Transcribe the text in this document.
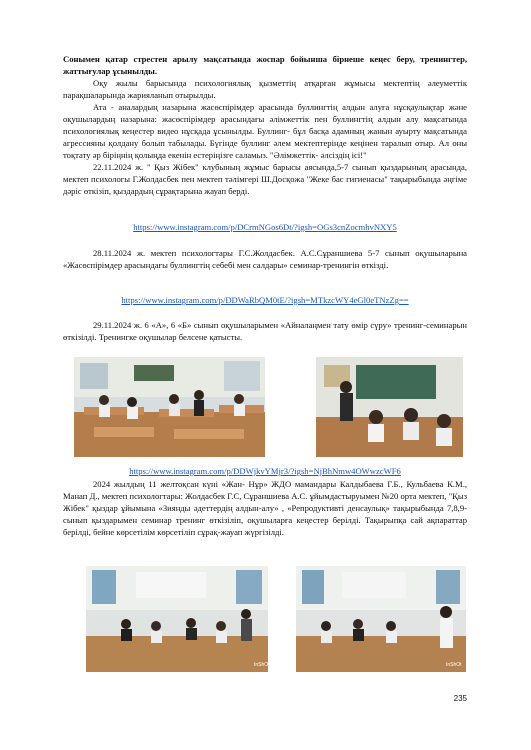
Сонымен қатар стрестен арылу мақсатында жоспар бойынша бірнеше кеңес беру, тренингтер, жаттығулар ұсынылды.
Оқу жылы барысында психологиялық қызметтің атқарған жұмысы мектептің әлеуметтік парақшаларында жарияланып отырылды.
Ата - аналардың назарына жасөспірімдер арасында буллингтің алдын алуға нұсқаулықтар және оқушылардың назарына: жасөспірімдер арасындағы әлімжеттік пен буллингтің алдын алу мақсатында психологиялық кеңестер видео нұсқада ұсынылды. Буллинг- бұл басқа адамның жанын ауырту мақсатында агрессияны қолдану болып табылады. Бүгінде буллинг әлем мектептерінде кеңінен таралып отыр. Ал оны тоқтату әр біріңнің қолыңда екенін естеріңізге саламыз. "Әлімжеттік- әлсіздің ісі!"
22.11.2024 ж. " Қыз Жібек" клубының жұмыс барысы аясында,5-7 сынып қыздарының арасында, мектеп психологы Г.Жолдасбек пен мектеп тәлімгері Ш.Досқожа "Жеке бас гигиенасы" тақырыбында әңгіме дәріс өткізіп, қыздардың сұрақтарына жауап берді.
https://www.instagram.com/p/DCrmNGos6Dt/?igsh=OGs3cnZocmhvNXY5
28.11.2024 ж. мектеп психологтары Г.С.Жолдасбек. А.С.Сұраншиева 5-7 сынып оқушыларына «Жасөспірімдер арасындағы буллингтің себебі мен салдары» семинар-тренингін өткізді.
https://www.instagram.com/p/DDWaRbQM0tE/?igsh=MTkzcWY4eGl0eTNzZg==
29.11.2024 ж. 6 «А», 6 «Б» сынып оқушыларымен «Айналаңмен тату өмір сүру» тренинг-семинарын өткізілді. Тренингке оқушылар белсене қатысты.
https://www.instagram.com/p/DDWjkvYMjr3/?igsh=NjBhNmw4OWwzcWF6
2024 жылдың 11 желтоқсан күні «Жан- Нұр» ЖДО мамандары Калдыбаева Г.Б., Кульбаева К.М., Манап Д., мектеп психологтары: Жолдасбек Г.С, Сұраншиева А.С. ұйымдастыруымен №20 орта мектеп, "Қыз Жібек" қыздар ұйымына «Зиянды әдеттердің алдын-алу» , «Репродуктивті денсаулық» тақырыбында 7,8,9-сынып қыздарымен семинар тренинг өткізіліп, оқушыларға кеңестер берілді. Тақырыпқа сай ақпараттар берілді, бейне көрсетілім көрсетіліп сұрақ-жауап жүргізілді.
InShOt	InShOt
235
